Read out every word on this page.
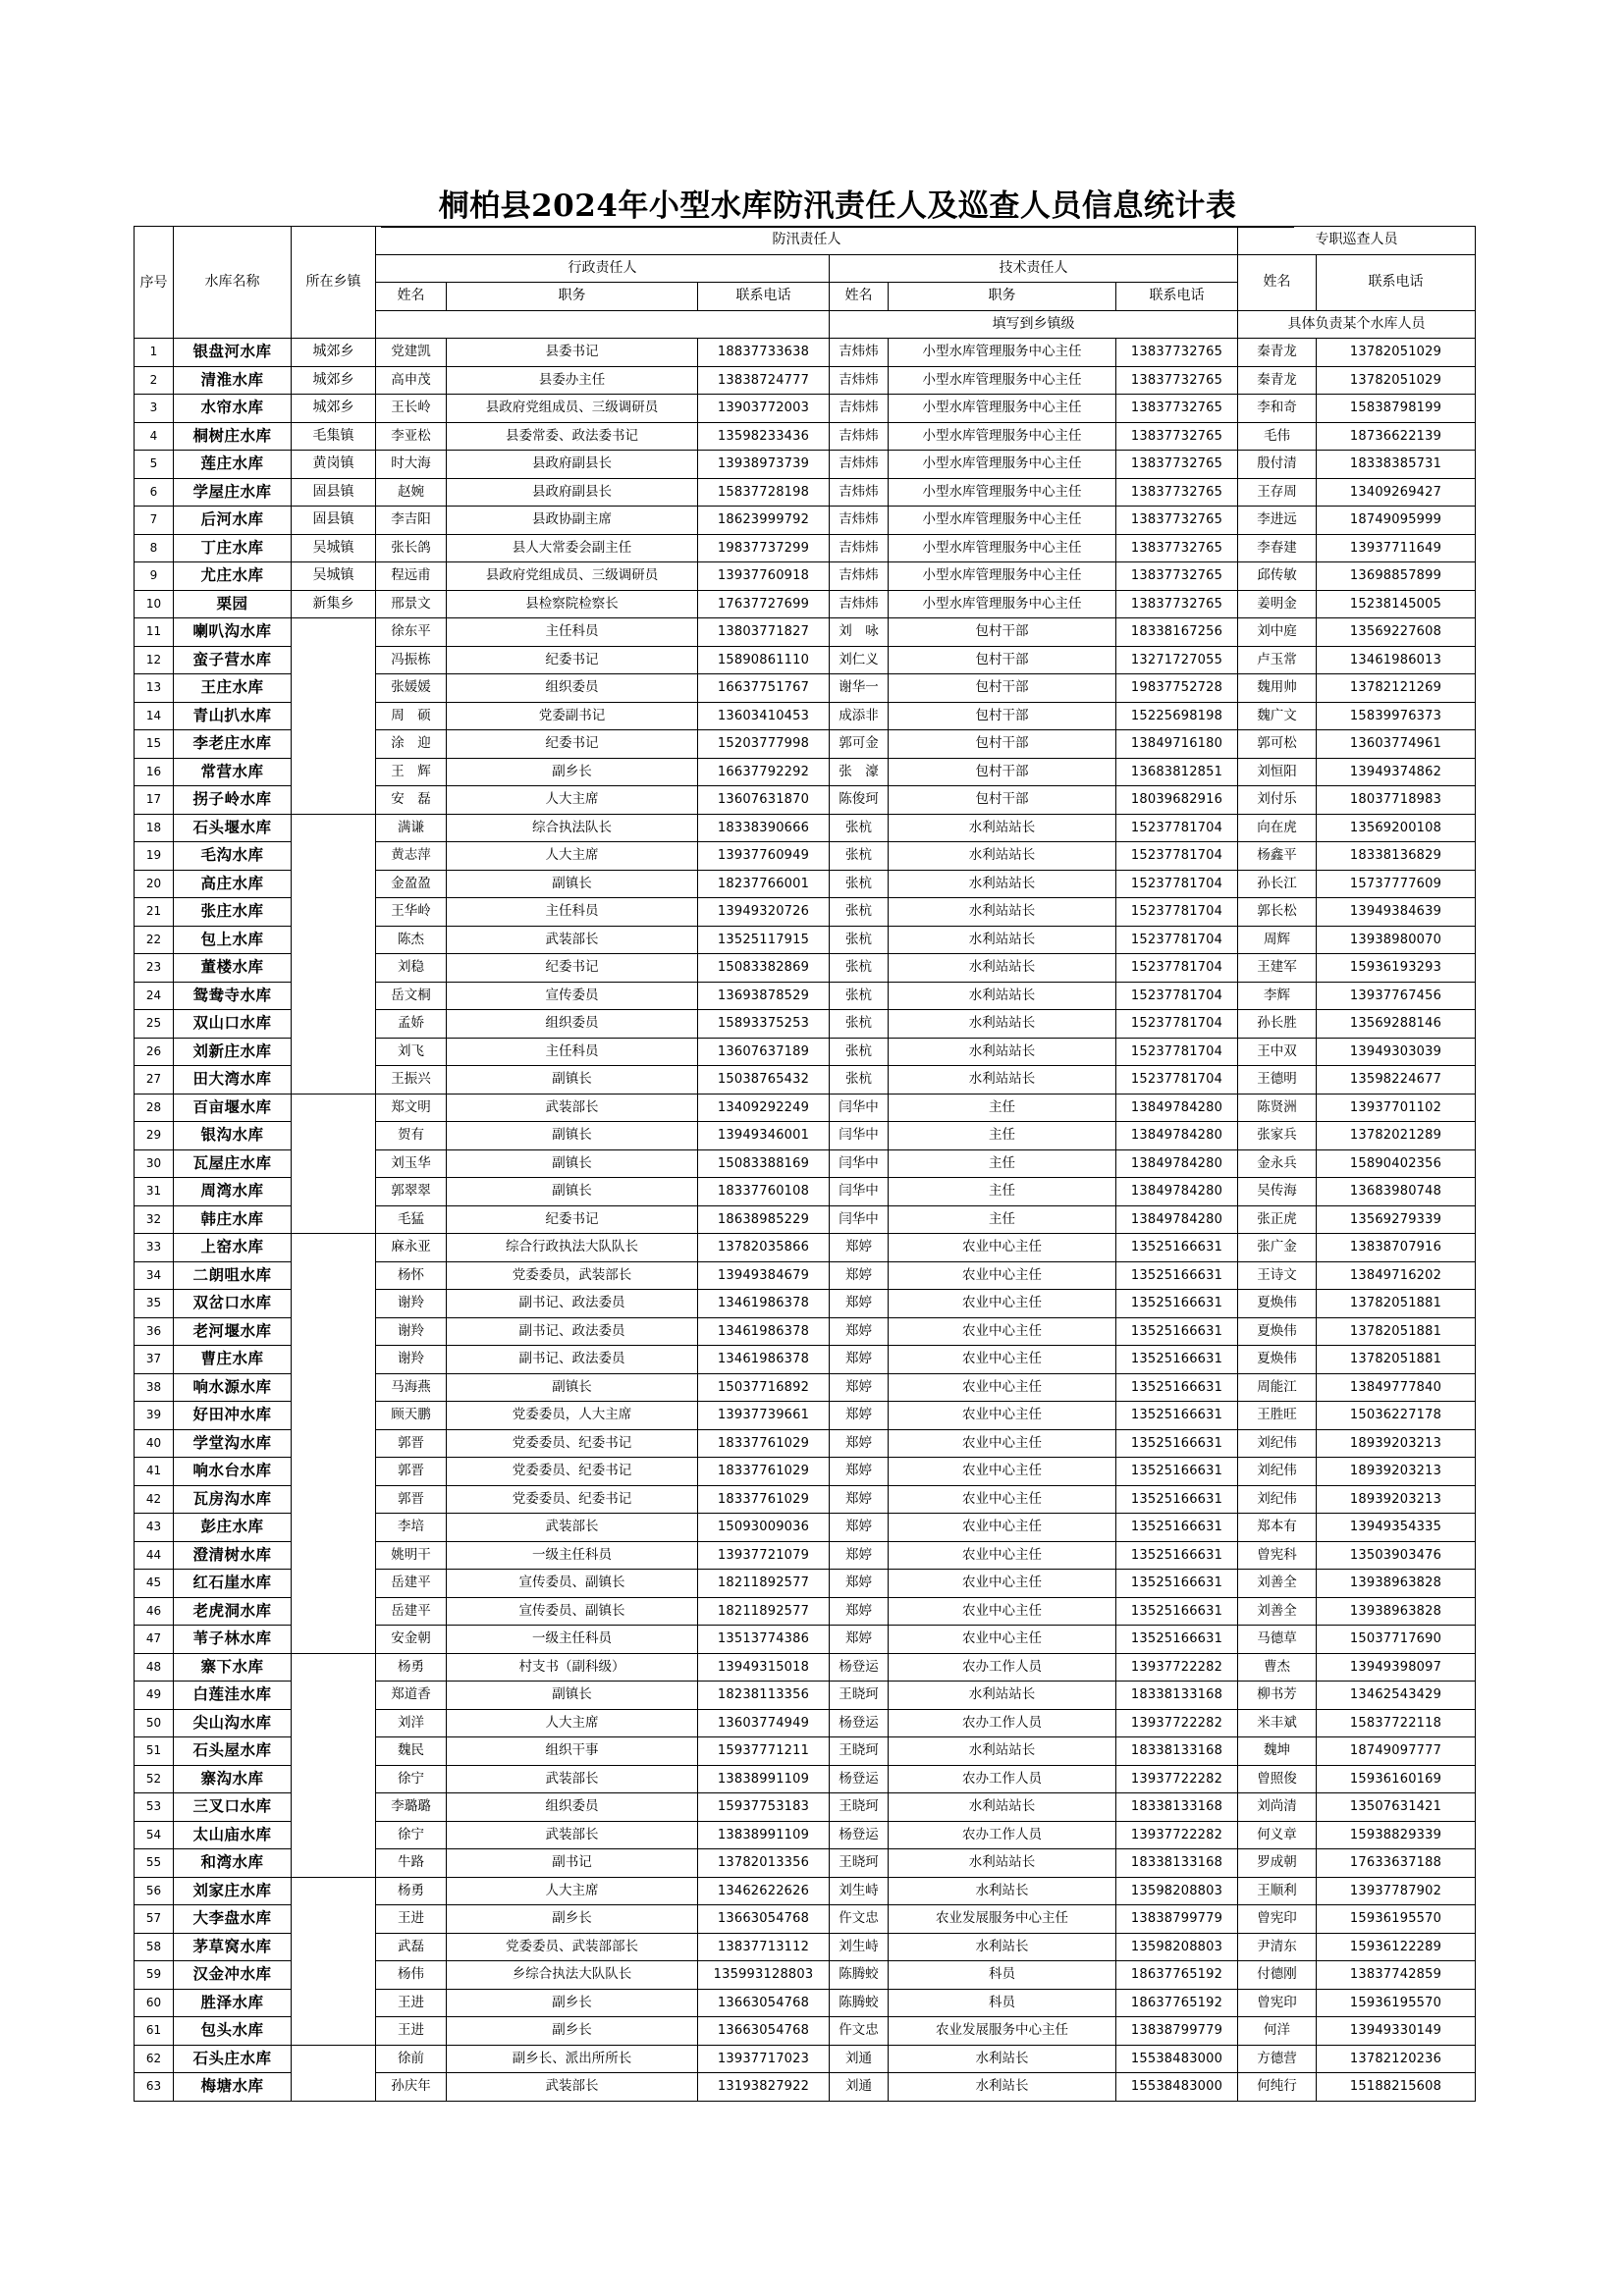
桐柏县2024年小型水库防汛责任人及巡查人员信息统计表
序号	水库名称	所在乡镇	防汛责任人						专职巡查人员	
			行政责任人			技术责任人			姓名	联系电话
			姓名	职务	联系电话	姓名	职务	联系电话		
						填写到乡镇级			具体负责某个水库人员	
1	银盘河水库	城郊乡	党建凯	县委书记	18837733638	吉炜炜	小型水库管理服务中心主任	13837732765	秦青龙	13782051029
2	清淮水库	城郊乡	高申茂	县委办主任	13838724777	吉炜炜	小型水库管理服务中心主任	13837732765	秦青龙	13782051029
3	水帘水库	城郊乡	王长岭	县政府党组成员、三级调研员	13903772003	吉炜炜	小型水库管理服务中心主任	13837732765	李和奇	15838798199
4	桐树庄水库	毛集镇	李亚松	县委常委、政法委书记	13598233436	吉炜炜	小型水库管理服务中心主任	13837732765	毛伟	18736622139
5	莲庄水库	黄岗镇	时大海	县政府副县长	13938973739	吉炜炜	小型水库管理服务中心主任	13837732765	殷付清	18338385731
6	学屋庄水库	固县镇	赵婉	县政府副县长	15837728198	吉炜炜	小型水库管理服务中心主任	13837732765	王存周	13409269427
7	后河水库	固县镇	李吉阳	县政协副主席	18623999792	吉炜炜	小型水库管理服务中心主任	13837732765	李进远	18749095999
8	丁庄水库	吴城镇	张长鸽	县人大常委会副主任	19837737299	吉炜炜	小型水库管理服务中心主任	13837732765	李春建	13937711649
9	尤庄水库	吴城镇	程远甫	县政府党组成员、三级调研员	13937760918	吉炜炜	小型水库管理服务中心主任	13837732765	邱传敏	13698857899
10	栗园	新集乡	邢景文	县检察院检察长	17637727699	吉炜炜	小型水库管理服务中心主任	13837732765	姜明金	15238145005
11	喇叭沟水库		徐东平	主任科员	13803771827	刘　咏	包村干部	18338167256	刘中庭	13569227608
12	蛮子营水库		冯振栋	纪委书记	15890861110	刘仁义	包村干部	13271727055	卢玉常	13461986013
13	王庄水库		张媛媛	组织委员	16637751767	谢华一	包村干部	19837752728	魏用帅	13782121269
14	青山扒水库		周　硕	党委副书记	13603410453	成添非	包村干部	15225698198	魏广文	15839976373
15	李老庄水库		涂　迎	纪委书记	15203777998	郭可金	包村干部	13849716180	郭可松	13603774961
16	常营水库		王　辉	副乡长	16637792292	张　濠	包村干部	13683812851	刘恒阳	13949374862
17	拐子岭水库		安　磊	人大主席	13607631870	陈俊珂	包村干部	18039682916	刘付乐	18037718983
18	石头堰水库		满谦	综合执法队长	18338390666	张杭	水利站站长	15237781704	向在虎	13569200108
19	毛沟水库		黄志萍	人大主席	13937760949	张杭	水利站站长	15237781704	杨鑫平	18338136829
20	高庄水库		金盈盈	副镇长	18237766001	张杭	水利站站长	15237781704	孙长江	15737777609
21	张庄水库		王华岭	主任科员	13949320726	张杭	水利站站长	15237781704	郭长松	13949384639
22	包上水库		陈杰	武装部长	13525117915	张杭	水利站站长	15237781704	周辉	13938980070
23	董楼水库		刘稳	纪委书记	15083382869	张杭	水利站站长	15237781704	王建军	15936193293
24	鸳鸯寺水库		岳文桐	宣传委员	13693878529	张杭	水利站站长	15237781704	李辉	13937767456
25	双山口水库		孟娇	组织委员	15893375253	张杭	水利站站长	15237781704	孙长胜	13569288146
26	刘新庄水库		刘飞	主任科员	13607637189	张杭	水利站站长	15237781704	王中双	13949303039
27	田大湾水库		王振兴	副镇长	15038765432	张杭	水利站站长	15237781704	王德明	13598224677
28	百亩堰水库		郑文明	武装部长	13409292249	闫华中	主任	13849784280	陈贤洲	13937701102
29	银沟水库		贺有	副镇长	13949346001	闫华中	主任	13849784280	张家兵	13782021289
30	瓦屋庄水库		刘玉华	副镇长	15083388169	闫华中	主任	13849784280	金永兵	15890402356
31	周湾水库		郭翠翠	副镇长	18337760108	闫华中	主任	13849784280	吴传海	13683980748
32	韩庄水库		毛猛	纪委书记	18638985229	闫华中	主任	13849784280	张正虎	13569279339
33	上窑水库		麻永亚	综合行政执法大队队长	13782035866	郑婷	农业中心主任	13525166631	张广金	13838707916
34	二朗咀水库		杨怀	党委委员，武装部长	13949384679	郑婷	农业中心主任	13525166631	王诗文	13849716202
35	双岔口水库		谢羚	副书记、政法委员	13461986378	郑婷	农业中心主任	13525166631	夏焕伟	13782051881
36	老河堰水库		谢羚	副书记、政法委员	13461986378	郑婷	农业中心主任	13525166631	夏焕伟	13782051881
37	曹庄水库		谢羚	副书记、政法委员	13461986378	郑婷	农业中心主任	13525166631	夏焕伟	13782051881
38	响水源水库		马海燕	副镇长	15037716892	郑婷	农业中心主任	13525166631	周能江	13849777840
39	好田冲水库		顾天鹏	党委委员，人大主席	13937739661	郑婷	农业中心主任	13525166631	王胜旺	15036227178
40	学堂沟水库		郭晋	党委委员、纪委书记	18337761029	郑婷	农业中心主任	13525166631	刘纪伟	18939203213
41	响水台水库		郭晋	党委委员、纪委书记	18337761029	郑婷	农业中心主任	13525166631	刘纪伟	18939203213
42	瓦房沟水库		郭晋	党委委员、纪委书记	18337761029	郑婷	农业中心主任	13525166631	刘纪伟	18939203213
43	彭庄水库		李培	武装部长	15093009036	郑婷	农业中心主任	13525166631	郑本有	13949354335
44	澄清树水库		姚明干	一级主任科员	13937721079	郑婷	农业中心主任	13525166631	曾宪科	13503903476
45	红石崖水库		岳建平	宣传委员、副镇长	18211892577	郑婷	农业中心主任	13525166631	刘善全	13938963828
46	老虎洞水库		岳建平	宣传委员、副镇长	18211892577	郑婷	农业中心主任	13525166631	刘善全	13938963828
47	苇子林水库		安金朝	一级主任科员	13513774386	郑婷	农业中心主任	13525166631	马德草	15037717690
48	寨下水库		杨勇	村支书（副科级）	13949315018	杨登运	农办工作人员	13937722282	曹杰	13949398097
49	白莲洼水库		郑道香	副镇长	18238113356	王晓珂	水利站站长	18338133168	柳书芳	13462543429
50	尖山沟水库		刘洋	人大主席	13603774949	杨登运	农办工作人员	13937722282	米丰斌	15837722118
51	石头屋水库		魏民	组织干事	15937771211	王晓珂	水利站站长	18338133168	魏坤	18749097777
52	寨沟水库		徐宁	武装部长	13838991109	杨登运	农办工作人员	13937722282	曾照俊	15936160169
53	三叉口水库		李璐璐	组织委员	15937753183	王晓珂	水利站站长	18338133168	刘尚清	13507631421
54	太山庙水库		徐宁	武装部长	13838991109	杨登运	农办工作人员	13937722282	何义章	15938829339
55	和湾水库		牛路	副书记	13782013356	王晓珂	水利站站长	18338133168	罗成朝	17633637188
56	刘家庄水库		杨勇	人大主席	13462622626	刘生峙	水利站长	13598208803	王顺利	13937787902
57	大李盘水库		王进	副乡长	13663054768	仵文忠	农业发展服务中心主任	13838799779	曾宪印	15936195570
58	茅草窝水库		武磊	党委委员、武装部部长	13837713112	刘生峙	水利站长	13598208803	尹清东	15936122289
59	汉金冲水库		杨伟	乡综合执法大队队长	135993128803	陈腾蛟	科员	18637765192	付德刚	13837742859
60	胜泽水库		王进	副乡长	13663054768	陈腾蛟	科员	18637765192	曾宪印	15936195570
61	包头水库		王进	副乡长	13663054768	仵文忠	农业发展服务中心主任	13838799779	何洋	13949330149
62	石头庄水库		徐前	副乡长、派出所所长	13937717023	刘通	水利站长	15538483000	方德营	13782120236
63	梅塘水库		孙庆年	武装部长	13193827922	刘通	水利站长	15538483000	何纯行	15188215608
